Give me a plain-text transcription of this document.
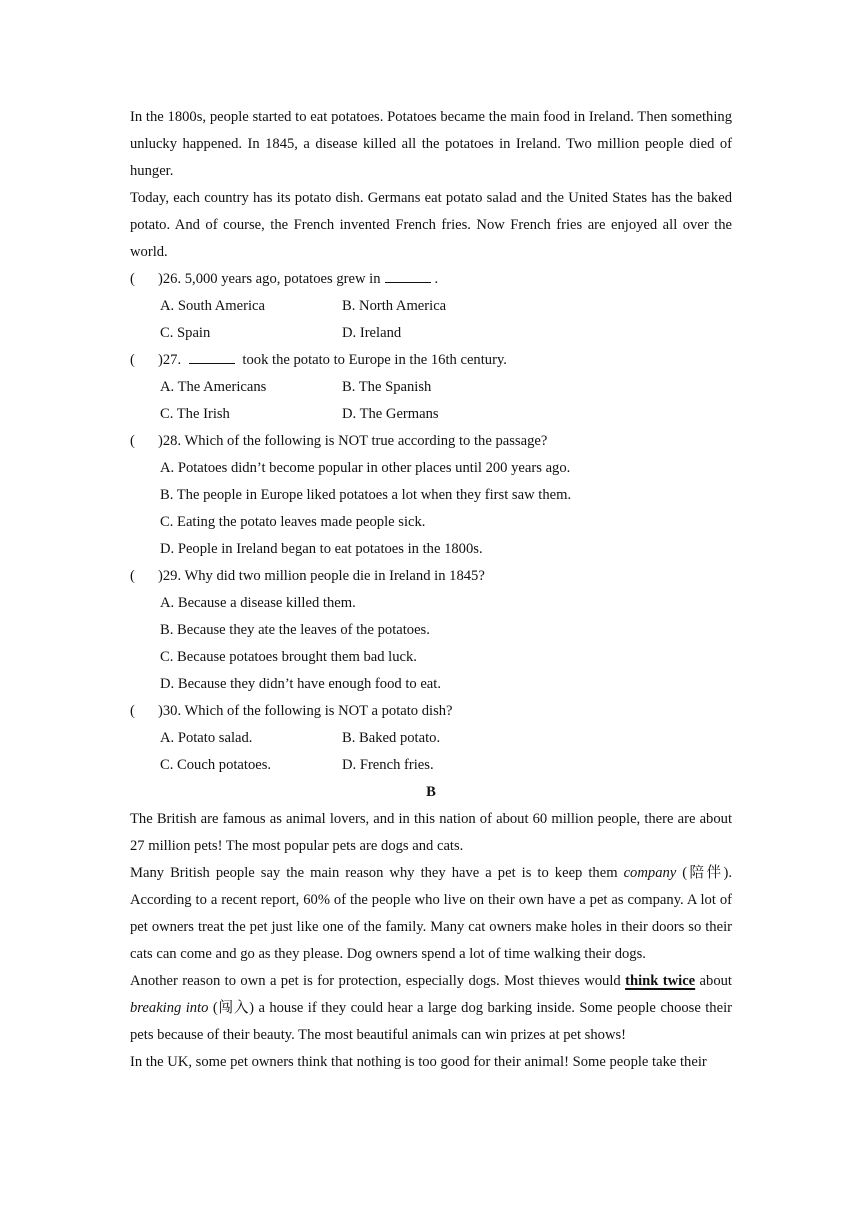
In the 1800s, people started to eat potatoes. Potatoes became the main food in Ireland. Then something unlucky happened. In 1845, a disease killed all the potatoes in Ireland. Two million people died of hunger.

Today, each country has its potato dish. Germans eat potato salad and the United States has the baked potato. And of course, the French invented French fries. Now French fries are enjoyed all over the world.

(	)26. 5,000 years ago, potatoes grew in	.
A. South America	B. North America
C. Spain	D. Ireland
(	)27.	took the potato to Europe in the 16th century.
A. The Americans	B. The Spanish
C. The Irish	D. The Germans
(	)28. Which of the following is NOT true according to the passage?
A. Potatoes didn’t become popular in other places until 200 years ago.
B. The people in Europe liked potatoes a lot when they first saw them.
C. Eating the potato leaves made people sick.
D. People in Ireland began to eat potatoes in the 1800s.
(	)29. Why did two million people die in Ireland in 1845?
A. Because a disease killed them.
B. Because they ate the leaves of the potatoes.
C. Because potatoes brought them bad luck.
D. Because they didn’t have enough food to eat.
(	)30. Which of the following is NOT a potato dish?
A. Potato salad.	B. Baked potato.
C. Couch potatoes.	D. French fries.
B

The British are famous as animal lovers, and in this nation of about 60 million people, there are about 27 million pets! The most popular pets are dogs and cats.

Many British people say the main reason why they have a pet is to keep them company (陪伴). According to a recent report, 60% of the people who live on their own have a pet as company. A lot of pet owners treat the pet just like one of the family. Many cat owners make holes in their doors so their cats can come and go as they please. Dog owners spend a lot of time walking their dogs.

Another reason to own a pet is for protection, especially dogs. Most thieves would think twice about breaking into (闯入) a house if they could hear a large dog barking inside. Some people choose their pets because of their beauty. The most beautiful animals can win prizes at pet shows!

In the UK, some pet owners think that nothing is too good for their animal! Some people take their
